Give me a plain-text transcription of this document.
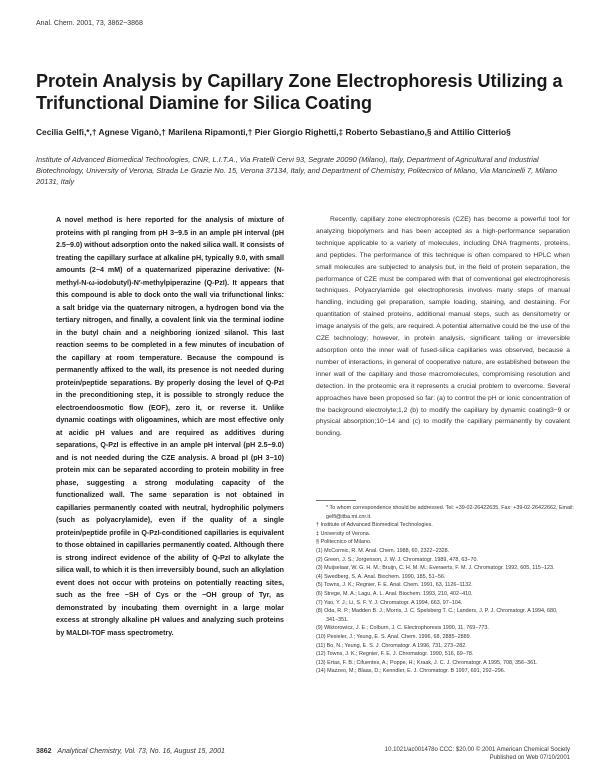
Anal. Chem. 2001, 73, 3862−3868
Protein Analysis by Capillary Zone Electrophoresis Utilizing a Trifunctional Diamine for Silica Coating
Cecilia Gelfi,*,† Agnese Viganò,† Marilena Ripamonti,† Pier Giorgio Righetti,‡ Roberto Sebastiano,§ and Attilio Citterio§
Institute of Advanced Biomedical Technologies, CNR, L.I.T.A., Via Fratelli Cervi 93, Segrate 20090 (Milano), Italy, Department of Agricultural and Industrial Biotechnology, University of Verona, Strada Le Grazie No. 15, Verona 37134, Italy, and Department of Chemistry, Politecnico of Milano, Via Mancinelli 7, Milano 20131, Italy

A novel method is here reported for the analysis of mixture of proteins with pI ranging from pH 3−9.5 in an ample pH interval (pH 2.5−9.0) without adsorption onto the naked silica wall. It consists of treating the capillary surface at alkaline pH, typically 9.0, with small amounts (2−4 mM) of a quaternarized piperazine derivative: (N-methyl-N-ω-iodobutyl)-N′-methylpiperazine (Q-PzI). It appears that this compound is able to dock onto the wall via trifunctional links: a salt bridge via the quaternary nitrogen, a hydrogen bond via the tertiary nitrogen, and finally, a covalent link via the terminal iodine in the butyl chain and a neighboring ionized silanol. This last reaction seems to be completed in a few minutes of incubation of the capillary at room temperature. Because the compound is permanently affixed to the wall, its presence is not needed during protein/peptide separations. By properly dosing the level of Q-PzI in the preconditioning step, it is possible to strongly reduce the electroendoosmotic flow (EOF), zero it, or reverse it. Unlike dynamic coatings with oligoamines, which are most effective only at acidic pH values and are required as additives during separations, Q-PzI is effective in an ample pH interval (pH 2.5−9.0) and is not needed during the CZE analysis. A broad pI (pH 3−10) protein mix can be separated according to protein mobility in free phase, suggesting a strong modulating capacity of the functionalized wall. The same separation is not obtained in capillaries permanently coated with neutral, hydrophilic polymers (such as polyacrylamide), even if the quality of a single protein/peptide profile in Q-PzI-conditioned capillaries is equivalent to those obtained in capillaries permanently coated. Although there is strong indirect evidence of the ability of Q-PzI to alkylate the silica wall, to which it is then irreversibly bound, such an alkylation event does not occur with proteins on potentially reacting sites, such as the free −SH of Cys or the −OH group of Tyr, as demonstrated by incubating them overnight in a large molar excess at strongly alkaline pH values and analyzing such proteins by MALDI-TOF mass spectrometry.

Recently, capillary zone electrophoresis (CZE) has become a powerful tool for analyzing biopolymers and has been accepted as a high-performance separation technique applicable to a variety of molecules, including DNA fragments, proteins, and peptides. The performance of this technique is often compared to HPLC when small molecules are subjected to analysis but, in the field of protein separation, the performance of CZE must be compared with that of conventional gel electrophoresis techniques. Polyacrylamide gel electrophoresis involves many steps of manual handling, including gel preparation, sample loading, staining, and destaining. For quantitation of stained proteins, additional manual steps, such as densitometry or image analysis of the gels, are required. A potential alternative could be the use of the CZE technology; however, in protein analysis, significant tailing or irreversible adsorption onto the inner wall of fused-silica capillaries was observed, because a number of interactions, in general of cooperative nature, are established between the inner wall of the capillary and those macromolecules, compromising resolution and detection. In the proteomic era it represents a crucial problem to overcome. Several approaches have been proposed so far: (a) to control the pH or ionic concentration of the background electrolyte;1,2 (b) to modify the capillary by dynamic coating3−9 or physical absorption;10−14 and (c) to modify the capillary permanently by covalent bonding.

* To whom correspondence should be addressed. Tel: +39-02-26422635. Fax: +39-02-26422662. Email: gelfi@itba.mi.cnr.it.
† Institute of Advanced Biomedical Technologies.
‡ University of Verona.
§ Politecnico of Milano.
(1) McCormic, R. M. Anal. Chem. 1988, 60, 2322−2328.
(2) Green, J. S.; Jorgenson, J. W. J. Chromatogr. 1989, 478, 63−70.
(3) Muijselaar, W. G. H. M.; Bruijn, C. H. M. M.; Everaerts, F. M. J. Chromatogr. 1992, 605, 115−123.
(4) Swedberg, S. A. Anal. Biochem. 1990, 185, 51−56.
(5) Towns, J. K.; Regnier, F. E. Anal. Chem. 1991, 63, 1126−1132.
(6) Strege, M. A.; Lagu, A. L. Anal. Biochem. 1993, 210, 402−410.
(7) Yao, Y. J.; Li, S. F. Y. J. Chromatogr. A 1994, 663, 97−104.
(8) Oda, R. P.; Madden B. J.; Morris, J. C. Spelsberg T. C.; Landers, J. P. J. Chromatogr. A 1994, 680, 341−351.
(9) Wiktorowicz, J. E.; Colburn, J. C. Electrophoresis 1990, 11, 769−773.
(10) Pesieler, J.; Yeung, E. S. Anal. Chem. 1996, 68, 2885−2889.
(11) Bo, N.; Yeung, E. S. J. Chromatogr. A 1996, 731, 273−282.
(12) Towns, J. K.; Regnier, F. E. J. Chromatogr. 1990, 516, 69−78.
(13) Ertas, F. B.; Cifuentes, A.; Poppe, H.; Kraak, J. C. J. Chromatogr. A 1995, 708, 356−361.
(14) Mazzeo, M.; Blaas, D.; Kenndler, E. J. Chromatogr. B 1997, 691, 292−296.
3862 Analytical Chemistry, Vol. 73, No. 16, August 15, 2001	10.1021/ac001478o CCC: $20.00 © 2001 American Chemical Society
Published on Web 07/10/2001
